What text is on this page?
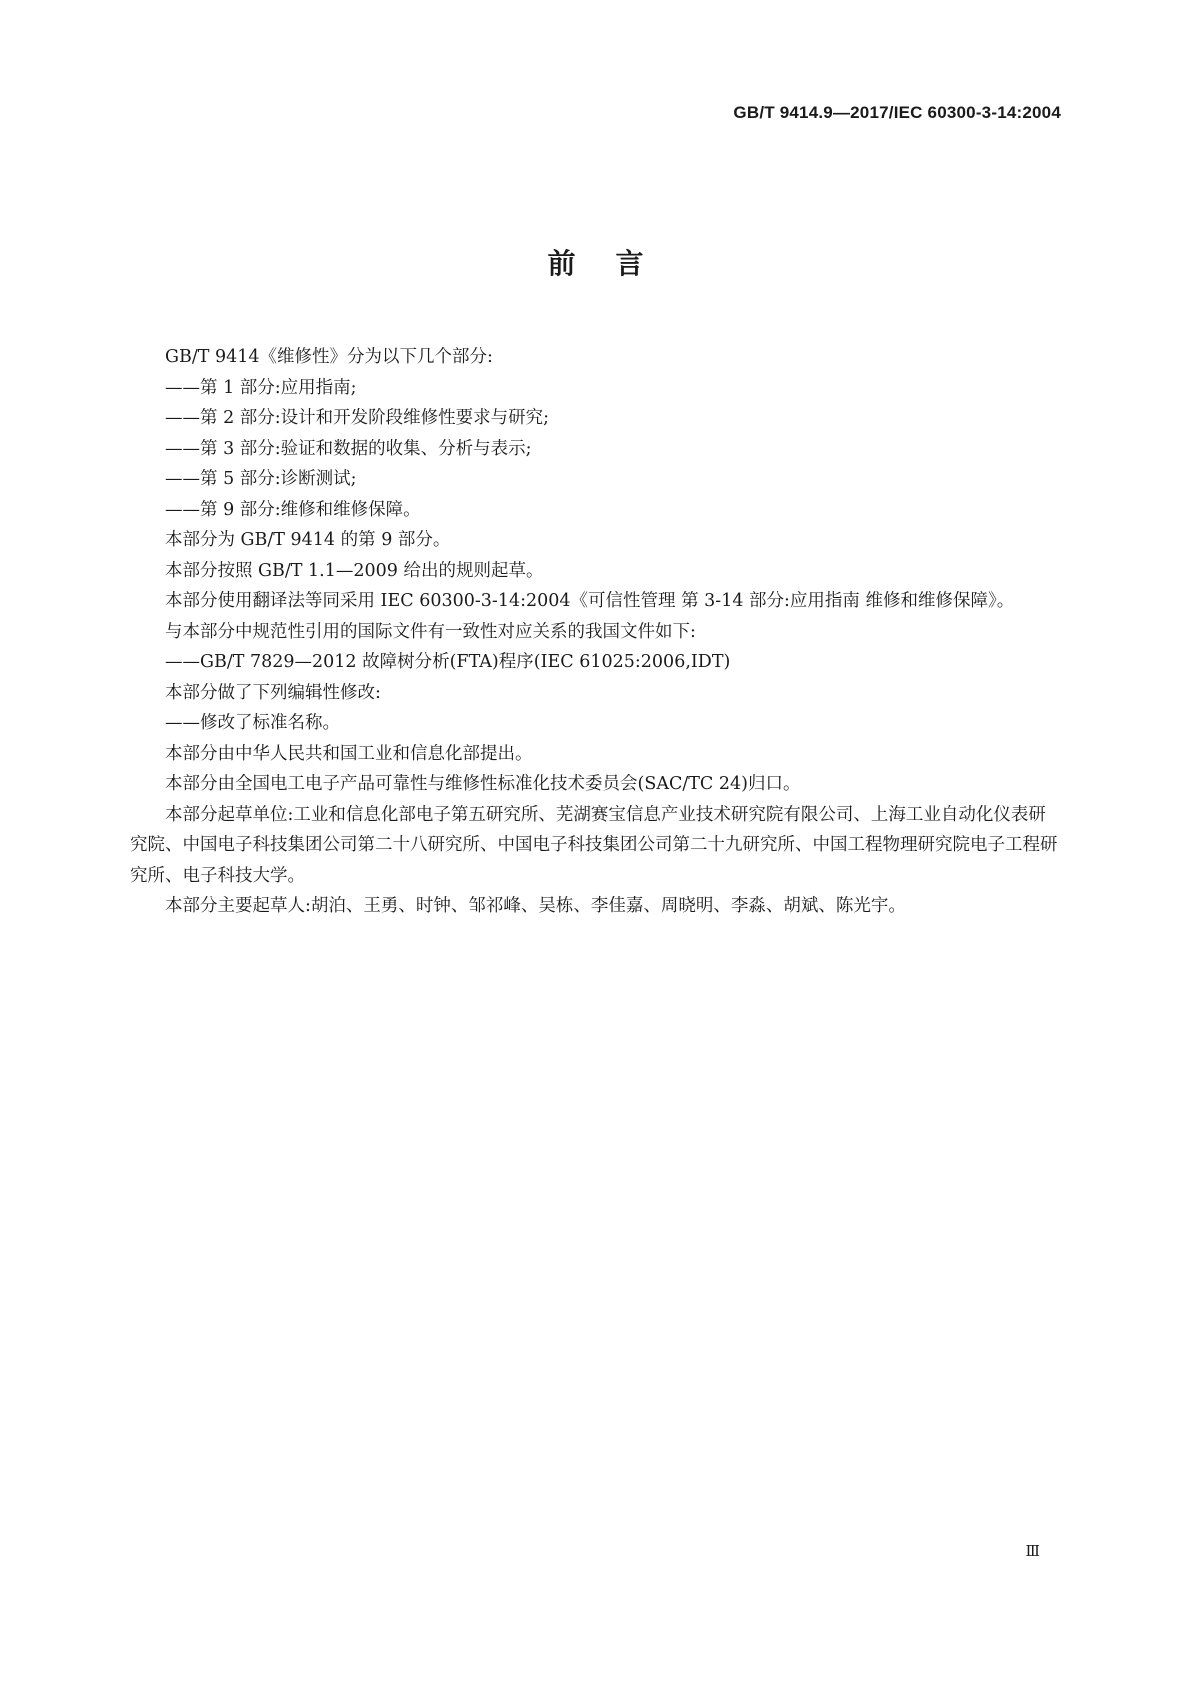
GB/T 9414.9—2017/IEC 60300-3-14:2004
前言

GB/T 9414《维修性》分为以下几个部分:

——第 1 部分:应用指南;

——第 2 部分:设计和开发阶段维修性要求与研究;

——第 3 部分:验证和数据的收集、分析与表示;

——第 5 部分:诊断测试;

——第 9 部分:维修和维修保障。

本部分为 GB/T 9414 的第 9 部分。

本部分按照 GB/T 1.1—2009 给出的规则起草。

本部分使用翻译法等同采用 IEC 60300-3-14:2004《可信性管理 第 3-14 部分:应用指南 维修和维修保障》。

与本部分中规范性引用的国际文件有一致性对应关系的我国文件如下:

——GB/T 7829—2012 故障树分析(FTA)程序(IEC 61025:2006,IDT)

本部分做了下列编辑性修改:

——修改了标准名称。

本部分由中华人民共和国工业和信息化部提出。

本部分由全国电工电子产品可靠性与维修性标准化技术委员会(SAC/TC 24)归口。

本部分起草单位:工业和信息化部电子第五研究所、芜湖赛宝信息产业技术研究院有限公司、上海工业自动化仪表研究院、中国电子科技集团公司第二十八研究所、中国电子科技集团公司第二十九研究所、中国工程物理研究院电子工程研究所、电子科技大学。

本部分主要起草人:胡泊、王勇、时钟、邹祁峰、吴栋、李佳嘉、周晓明、李淼、胡斌、陈光宇。

Ⅲ
